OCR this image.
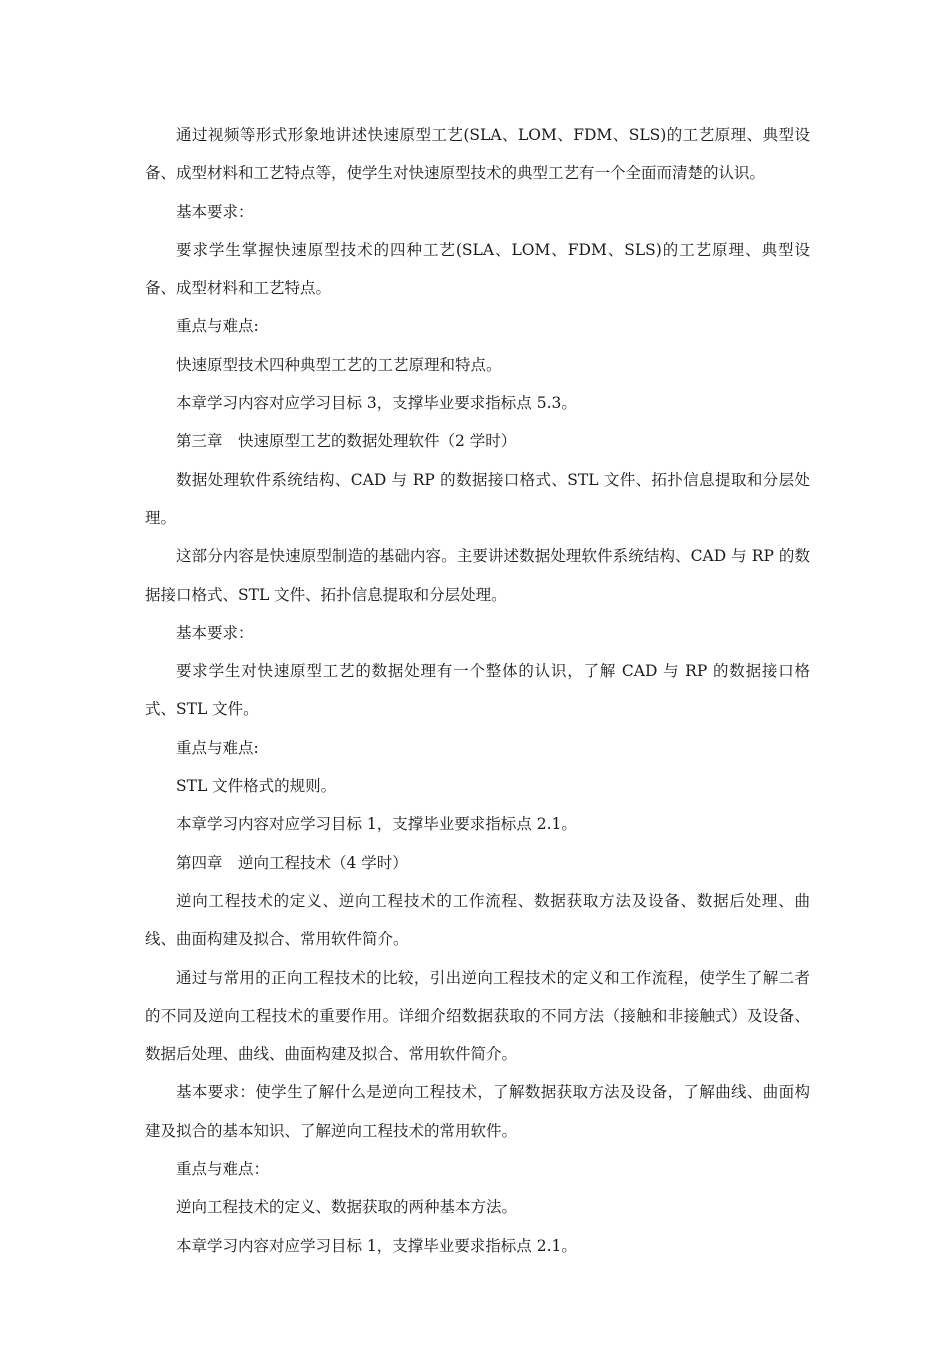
通过视频等形式形象地讲述快速原型工艺(SLA、LOM、FDM、SLS)的工艺原理、典型设备、成型材料和工艺特点等，使学生对快速原型技术的典型工艺有一个全面而清楚的认识。

基本要求：

要求学生掌握快速原型技术的四种工艺(SLA、LOM、FDM、SLS)的工艺原理、典型设备、成型材料和工艺特点。

重点与难点:

快速原型技术四种典型工艺的工艺原理和特点。

本章学习内容对应学习目标 3，支撑毕业要求指标点 5.3。

第三章　快速原型工艺的数据处理软件（2 学时）

数据处理软件系统结构、CAD 与 RP 的数据接口格式、STL 文件、拓扑信息提取和分层处理。

这部分内容是快速原型制造的基础内容。主要讲述数据处理软件系统结构、CAD 与 RP 的数据接口格式、STL 文件、拓扑信息提取和分层处理。

基本要求：

要求学生对快速原型工艺的数据处理有一个整体的认识，了解 CAD 与 RP 的数据接口格式、STL 文件。

重点与难点:

STL 文件格式的规则。

本章学习内容对应学习目标 1，支撑毕业要求指标点 2.1。

第四章　逆向工程技术（4 学时）

逆向工程技术的定义、逆向工程技术的工作流程、数据获取方法及设备、数据后处理、曲线、曲面构建及拟合、常用软件简介。

通过与常用的正向工程技术的比较，引出逆向工程技术的定义和工作流程，使学生了解二者的不同及逆向工程技术的重要作用。详细介绍数据获取的不同方法（接触和非接触式）及设备、数据后处理、曲线、曲面构建及拟合、常用软件简介。

基本要求：使学生了解什么是逆向工程技术，了解数据获取方法及设备，了解曲线、曲面构建及拟合的基本知识、了解逆向工程技术的常用软件。

重点与难点：

逆向工程技术的定义、数据获取的两种基本方法。

本章学习内容对应学习目标 1，支撑毕业要求指标点 2.1。
